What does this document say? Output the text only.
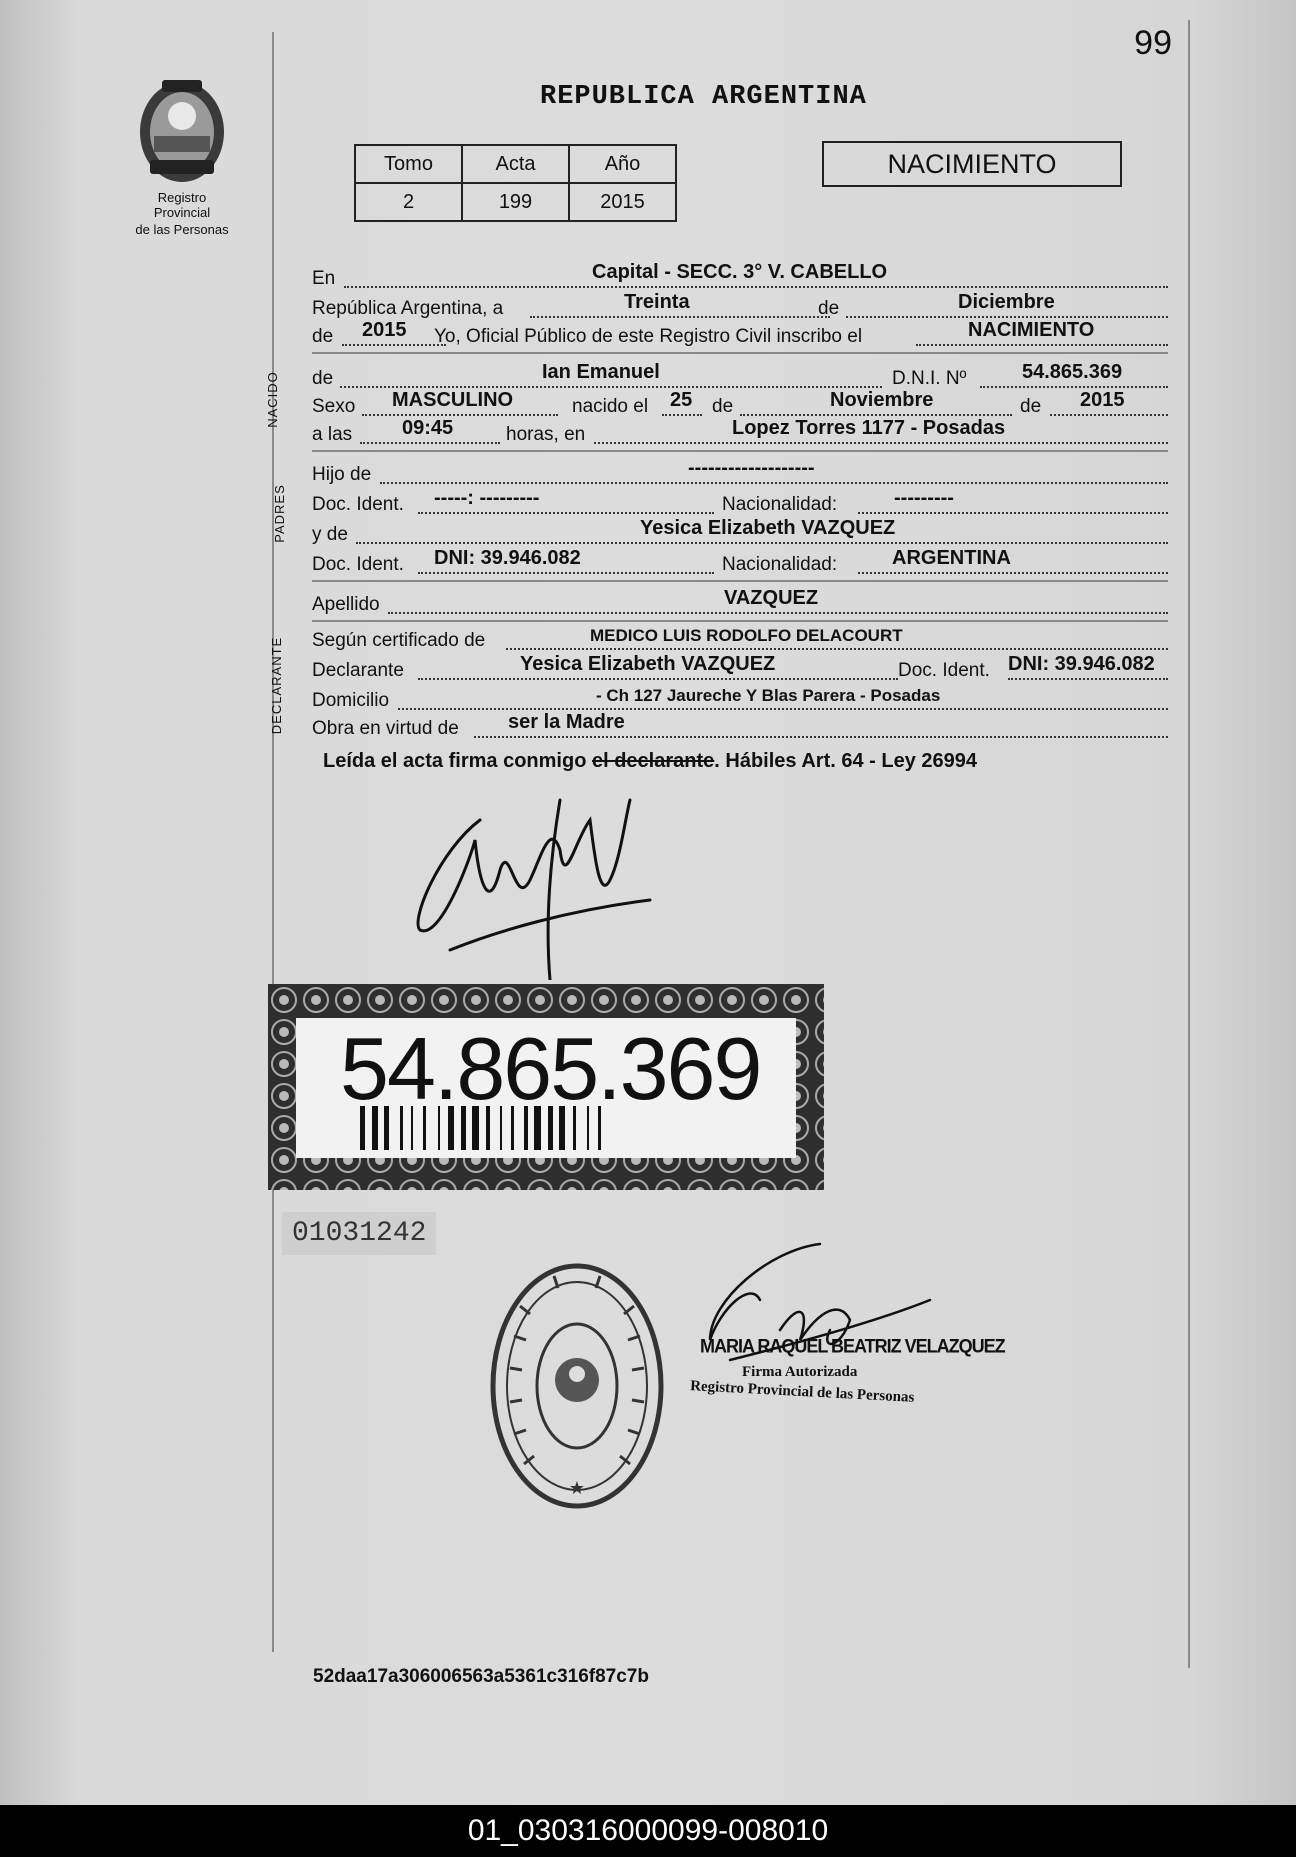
99
Registro Provincial
de las Personas
REPUBLICA ARGENTINA
Tomo	Acta	Año
2	199	2015
NACIMIENTO
En	Capital - SECC. 3° V. CABELLO
República Argentina, a	Treinta	de	Diciembre
de 2015 Yo, Oficial Público de este Registro Civil inscribo el	NACIMIENTO
NACIDO de	Ian Emanuel	D.N.I. Nº	54.865.369
Sexo MASCULINO	nacido el 25 de	Noviembre	de 2015
a las 09:45	horas, en	Lopez Torres 1177 - Posadas
PADRES
Hijo de	-------------------
Doc. Ident. -----: ---------	Nacionalidad:	---------
y de	Yesica Elizabeth VAZQUEZ
Doc. Ident. DNI: 39.946.082	Nacionalidad:	ARGENTINA
Apellido	VAZQUEZ
DECLARANTE Según certificado de	MEDICO LUIS RODOLFO DELACOURT
Declarante	Yesica Elizabeth VAZQUEZ	Doc. Ident. DNI: 39.946.082
Domicilio	- Ch 127 Jaureche Y Blas Parera - Posadas
Obra en virtud de ser la Madre
Leída el acta firma conmigo el declarante. Hábiles Art. 64 - Ley 26994
54.865.369
01031242
★
MARIA RAQUEL BEATRIZ VELAZQUEZ
Firma Autorizada
Registro Provincial de las Personas
52daa17a306006563a5361c316f87c7b
01_030316000099-008010
